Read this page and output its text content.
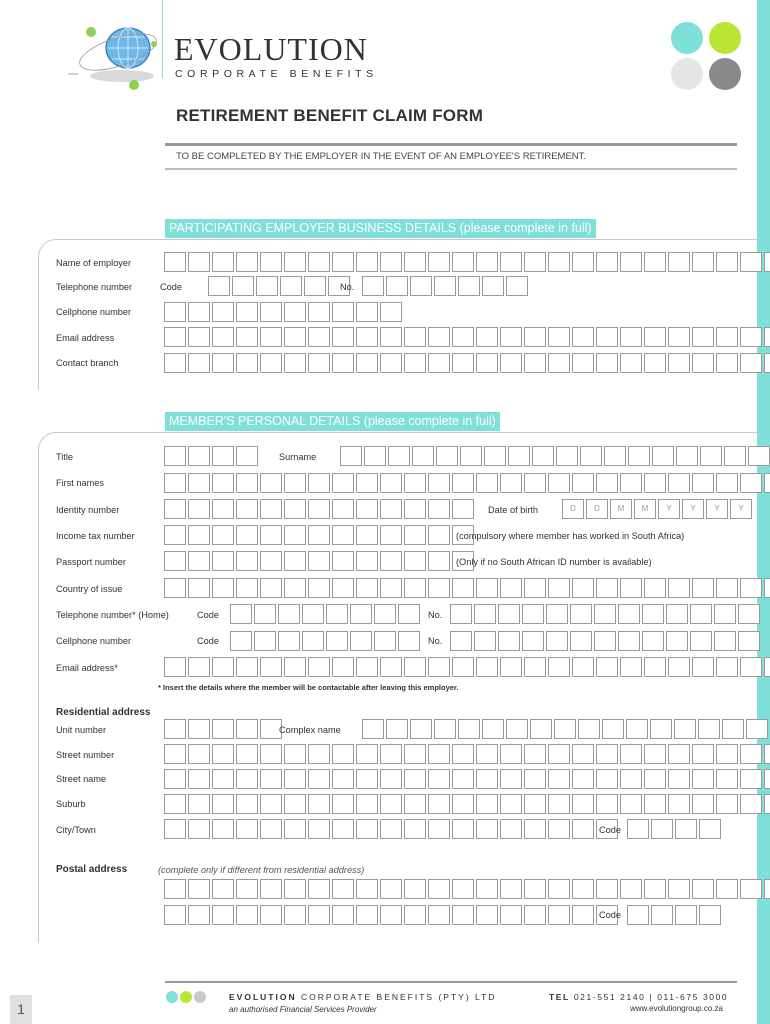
EVOLUTION
CORPORATE BENEFITS
RETIREMENT BENEFIT CLAIM FORM
TO BE COMPLETED BY THE EMPLOYER IN THE EVENT OF AN EMPLOYEE'S RETIREMENT.
PARTICIPATING EMPLOYER BUSINESS DETAILS (please complete in full)
Name of employer
Telephone number	Code	No.
Cellphone number
Email address
Contact branch
MEMBER'S PERSONAL DETAILS (please complete in full)
Title	Surname
First names
Identity number	Date of birth	D	D	M	M	Y	Y	Y	Y
Income tax number	(compulsory where member has worked in South Africa)
Passport number	(Only if no South African ID number is available)
Country of issue
Telephone number* (Home)	Code	No.
Cellphone number	Code	No.
Email address*
* Insert the details where the member will be contactable after leaving this employer.
Residential address
Unit number	Complex name
Street number
Street name
Suburb
City/Town	Code
Postal address	(complete only if different from residential address)
Code
EVOLUTION CORPORATE BENEFITS (PTY) LTD
an authorised Financial Services Provider
TEL 021-551 2140 | 011-675 3000
www.evolutiongroup.co.za
1
